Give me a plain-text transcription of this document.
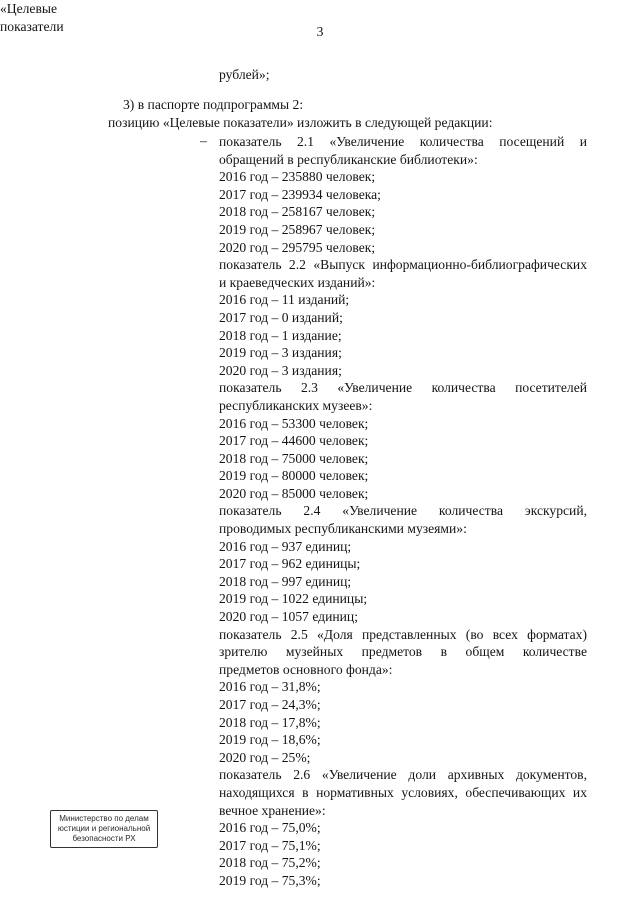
3
рублей»;
3) в паспорте подпрограммы 2:
позицию «Целевые показатели» изложить в следующей редакции:
«Целевые показатели
– показатель 2.1 «Увеличение количества посещений и
обращений в республиканские библиотеки»:
2016 год – 235880 человек;
2017 год – 239934 человека;
2018 год – 258167 человек;
2019 год – 258967 человек;
2020 год – 295795 человек;
показатель 2.2 «Выпуск информационно-библиографических
и краеведческих изданий»:
2016 год – 11 изданий;
2017 год – 0 изданий;
2018 год – 1 издание;
2019 год – 3 издания;
2020 год – 3 издания;
показатель 2.3 «Увеличение количества посетителей
республиканских музеев»:
2016 год – 53300 человек;
2017 год – 44600 человек;
2018 год – 75000 человек;
2019 год – 80000 человек;
2020 год – 85000 человек;
показатель 2.4 «Увеличение количества экскурсий,
проводимых республиканскими музеями»:
2016 год – 937 единиц;
2017 год – 962 единицы;
2018 год – 997 единиц;
2019 год – 1022 единицы;
2020 год – 1057 единиц;
показатель 2.5 «Доля представленных (во всех форматах)
зрителю музейных предметов в общем количестве
предметов основного фонда»:
2016 год – 31,8%;
2017 год – 24,3%;
2018 год – 17,8%;
2019 год – 18,6%;
2020 год – 25%;
показатель 2.6 «Увеличение доли архивных документов,
находящихся в нормативных условиях, обеспечивающих их
вечное хранение»:
2016 год – 75,0%;
2017 год – 75,1%;
2018 год – 75,2%;
2019 год – 75,3%;
Министерство по делам
юстиции и региональной
безопасности РХ
